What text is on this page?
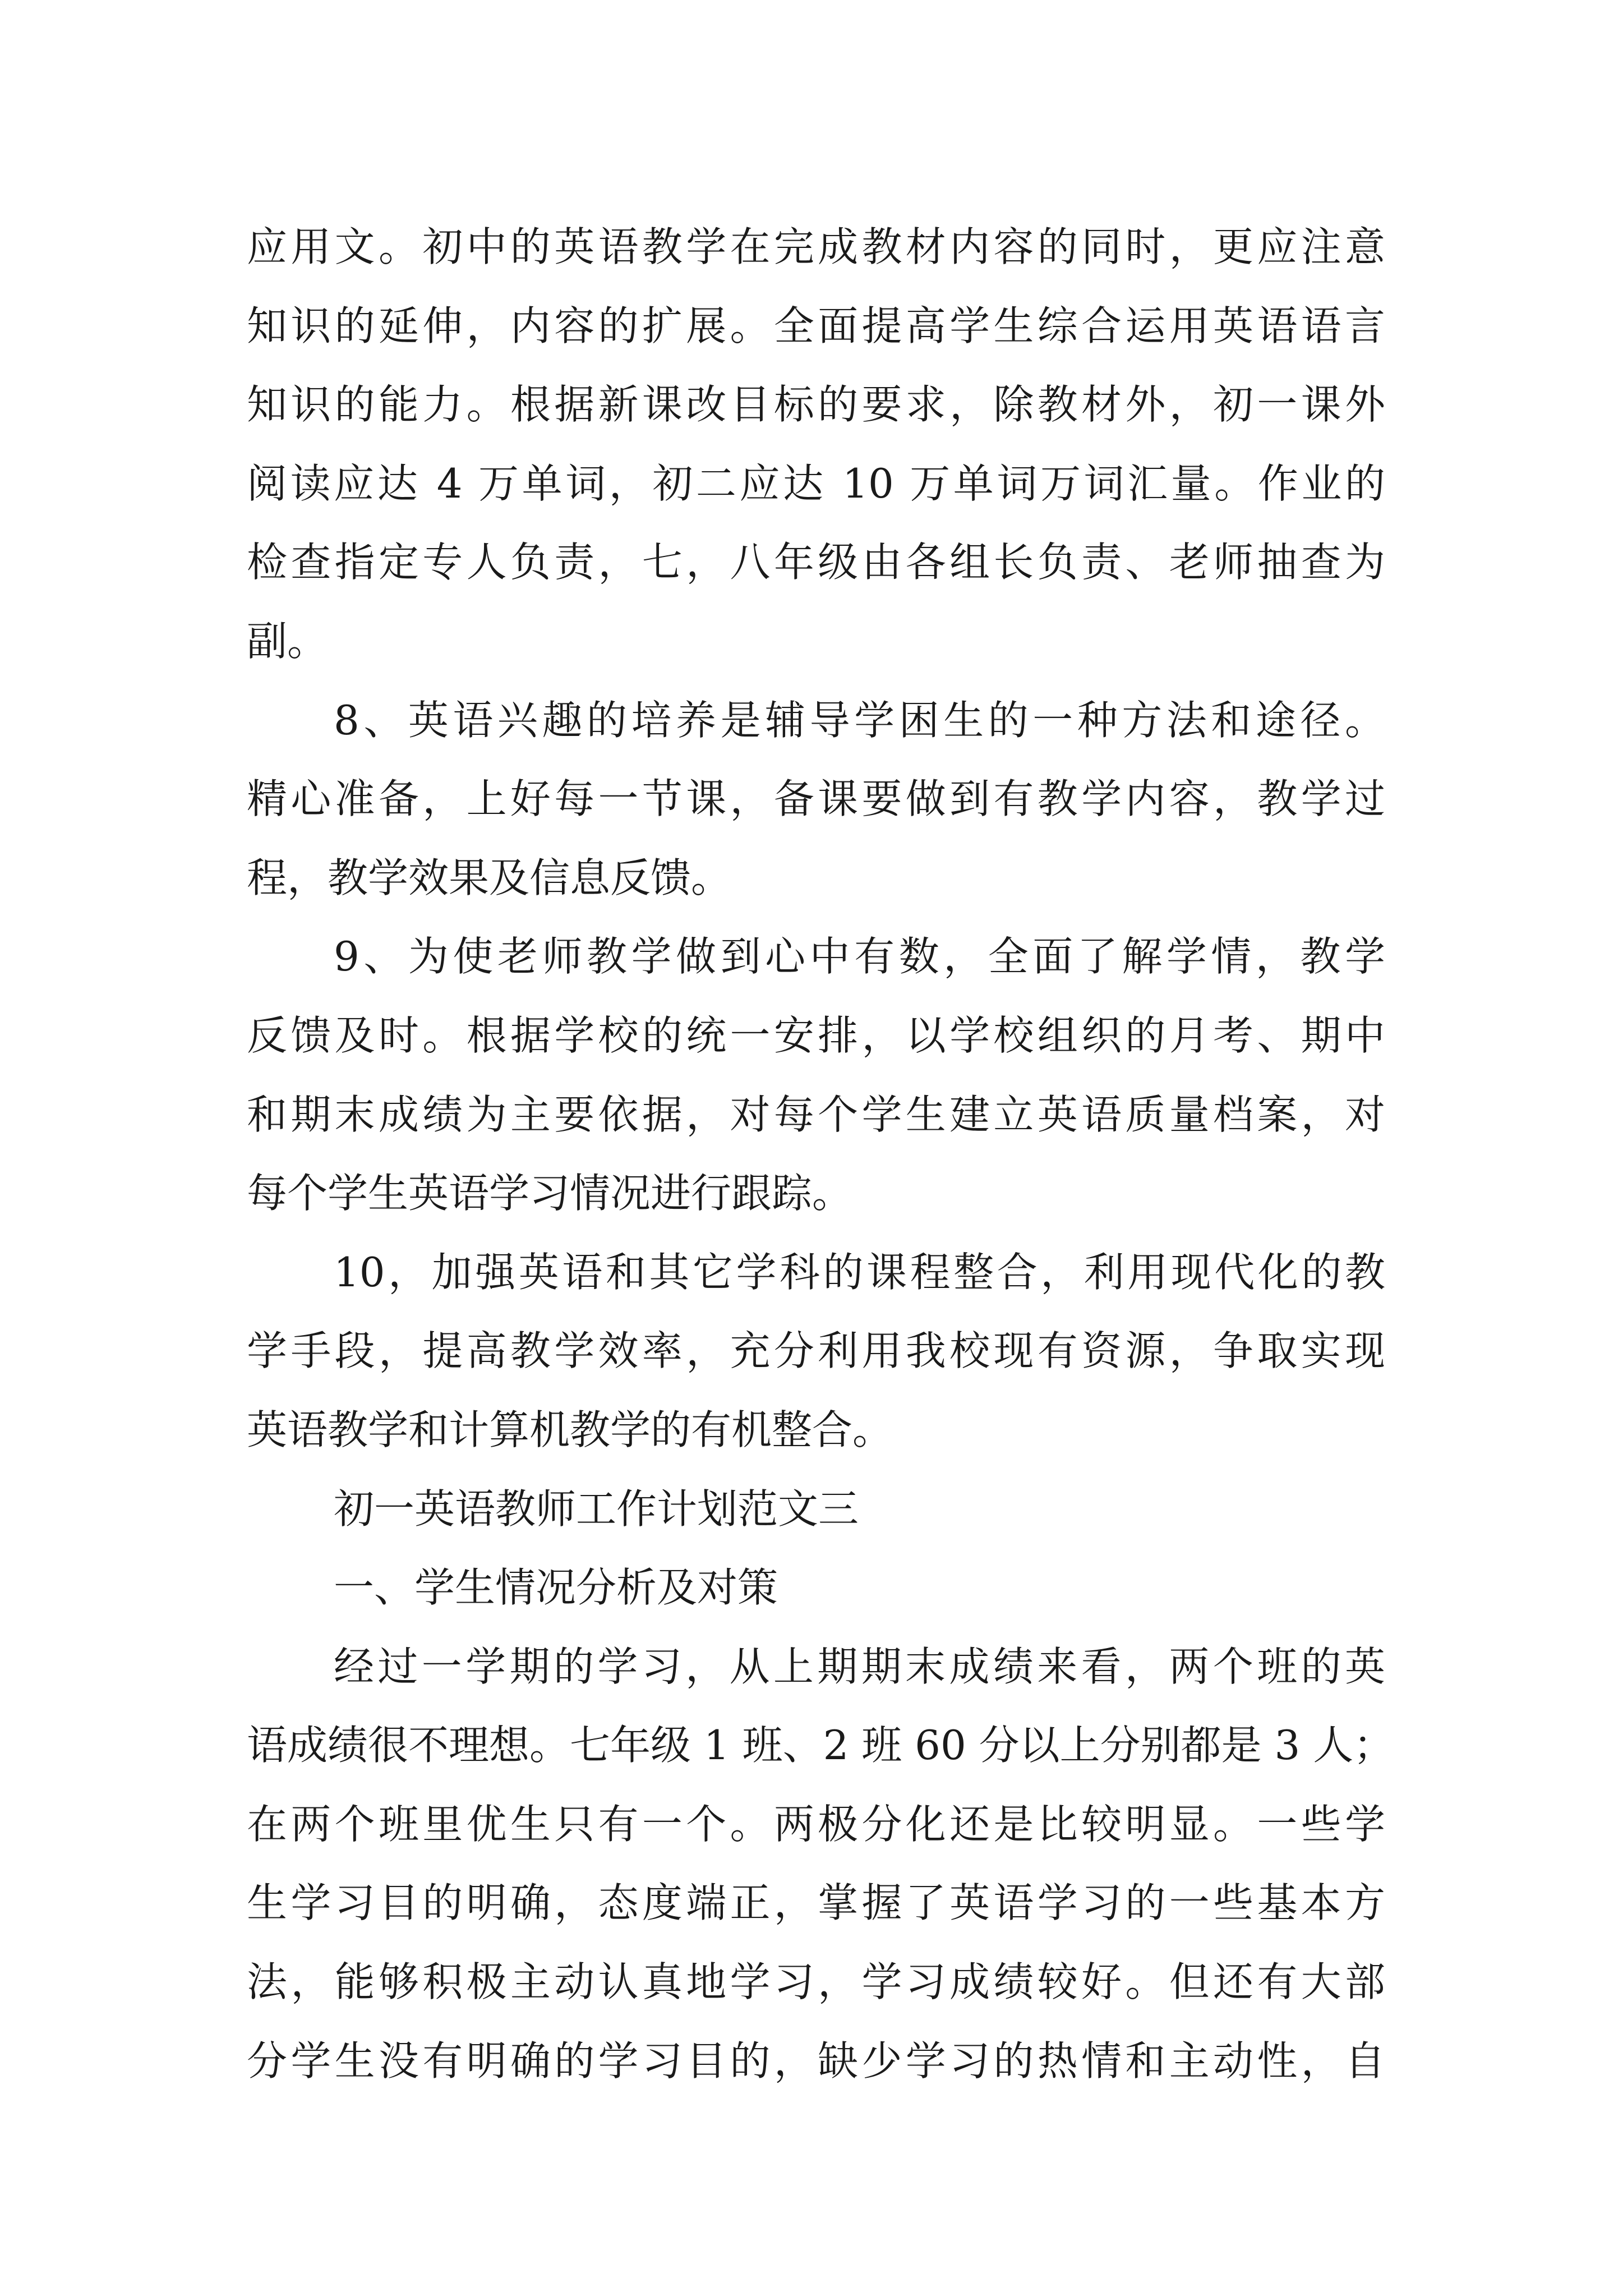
应用文。初中的英语教学在完成教材内容的同时，更应注意
知识的延伸，内容的扩展。全面提高学生综合运用英语语言
知识的能力。根据新课改目标的要求，除教材外，初一课外
阅读应达 4 万单词，初二应达 10 万单词万词汇量。作业的
检查指定专人负责，七，八年级由各组长负责、老师抽查为
副。
8、英语兴趣的培养是辅导学困生的一种方法和途径。
精心准备，上好每一节课，备课要做到有教学内容，教学过
程，教学效果及信息反馈。
9、为使老师教学做到心中有数，全面了解学情，教学
反馈及时。根据学校的统一安排，以学校组织的月考、期中
和期末成绩为主要依据，对每个学生建立英语质量档案，对
每个学生英语学习情况进行跟踪。
10，加强英语和其它学科的课程整合，利用现代化的教
学手段，提高教学效率，充分利用我校现有资源，争取实现
英语教学和计算机教学的有机整合。
初一英语教师工作计划范文三
一、学生情况分析及对策
经过一学期的学习，从上期期末成绩来看，两个班的英
语成绩很不理想。七年级 1 班、2 班 60 分以上分别都是 3 人；
在两个班里优生只有一个。两极分化还是比较明显。一些学
生学习目的明确，态度端正，掌握了英语学习的一些基本方
法，能够积极主动认真地学习，学习成绩较好。但还有大部
分学生没有明确的学习目的，缺少学习的热情和主动性，自
